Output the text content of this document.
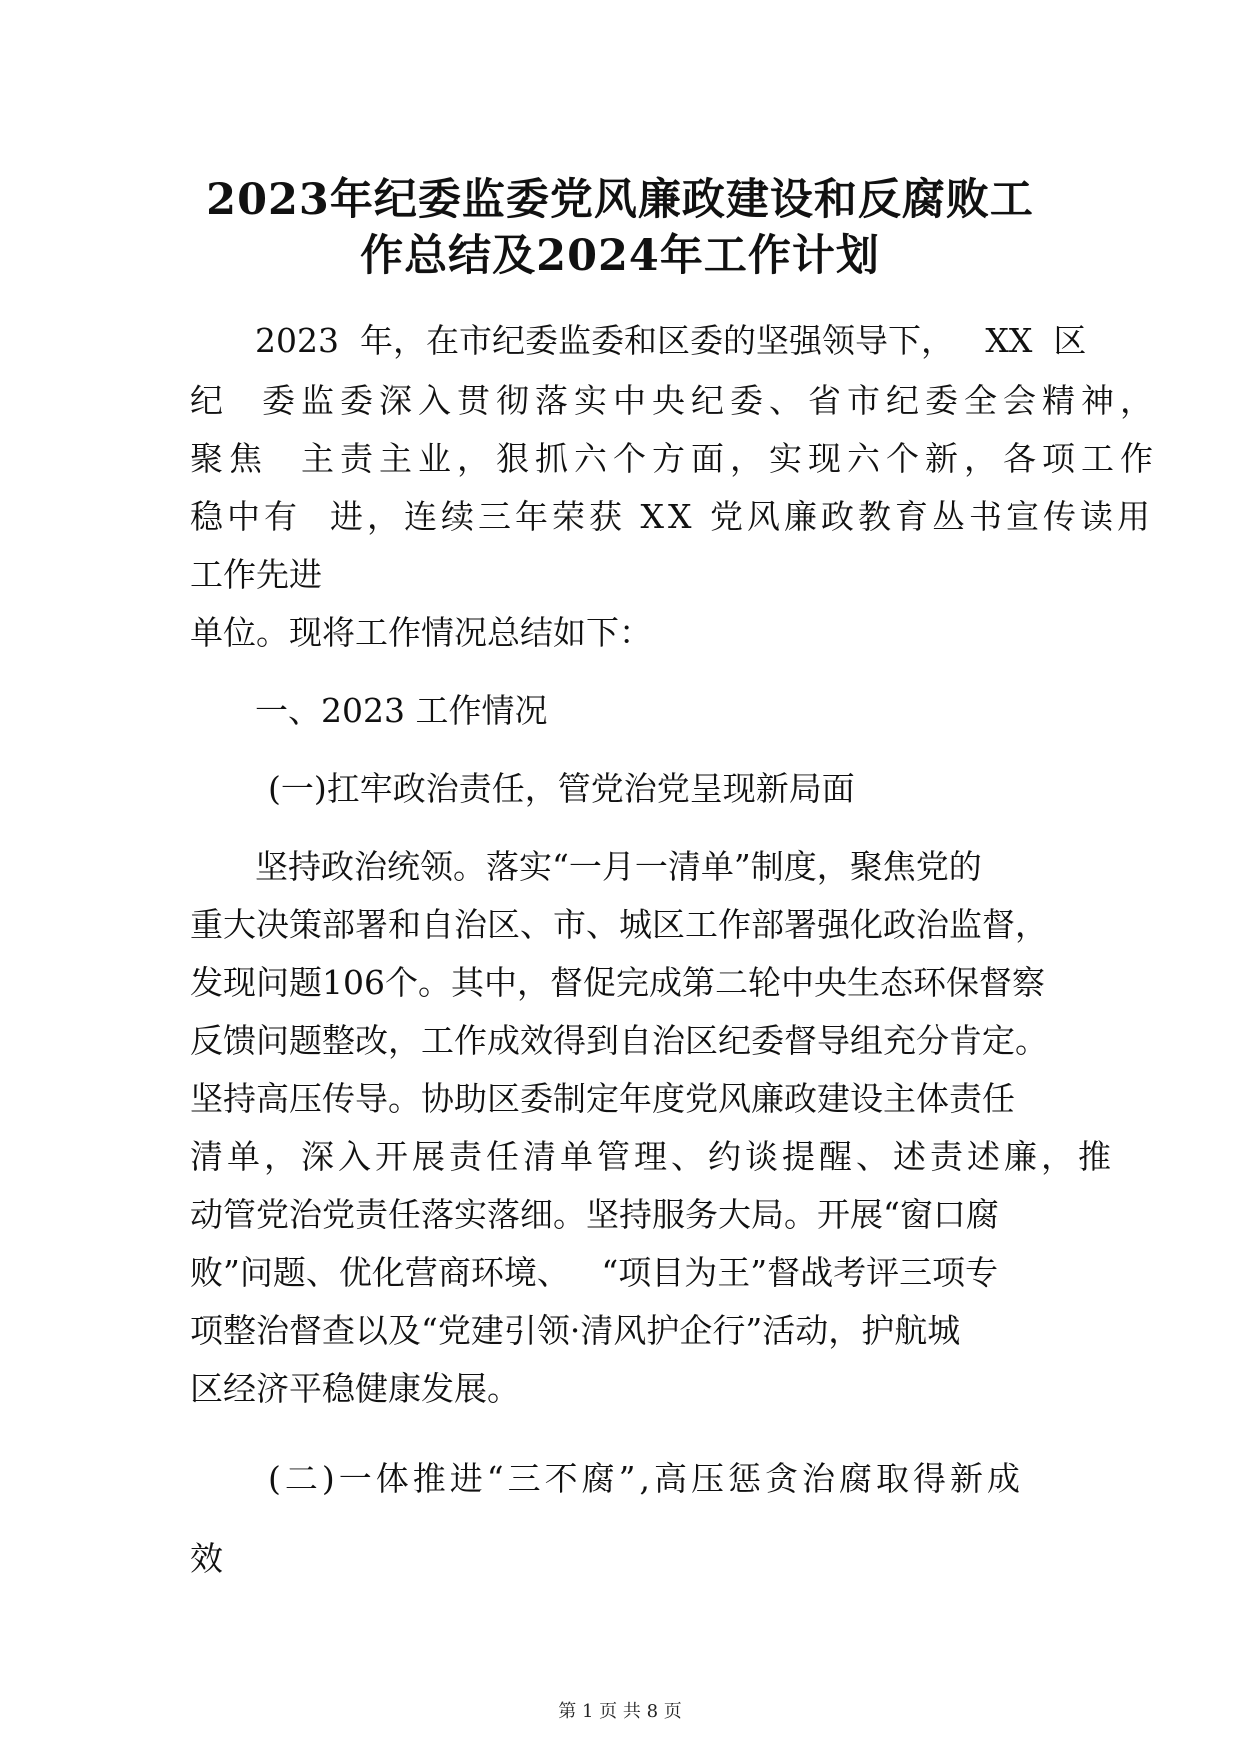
2023年纪委监委党风廉政建设和反腐败工
作总结及2024年工作计划

2023  年，在市纪委监委和区委的坚强领导下，   XX  区

纪  委监委深入贯彻落实中央纪委、省市纪委全会精神，

聚焦  主责主业，狠抓六个方面，实现六个新，各项工作

稳中有  进，连续三年荣获 XX 党风廉政教育丛书宣传读用

工作先进

单位。现将工作情况总结如下：

一、2023 工作情况

(一)扛牢政治责任，管党治党呈现新局面

坚持政治统领。落实“一月一清单”制度，聚焦党的

重大决策部署和自治区、市、城区工作部署强化政治监督，

发现问题106个。其中，督促完成第二轮中央生态环保督察

反馈问题整改，工作成效得到自治区纪委督导组充分肯定。

坚持高压传导。协助区委制定年度党风廉政建设主体责任

清单，深入开展责任清单管理、约谈提醒、述责述廉，推

动管党治党责任落实落细。坚持服务大局。开展“窗口腐

败”问题、优化营商环境、   “项目为王”督战考评三项专

项整治督查以及“党建引领·清风护企行”活动，护航城

区经济平稳健康发展。

(二)一体推进“三不腐”,高压惩贪治腐取得新成

效

第 1 页 共 8 页
